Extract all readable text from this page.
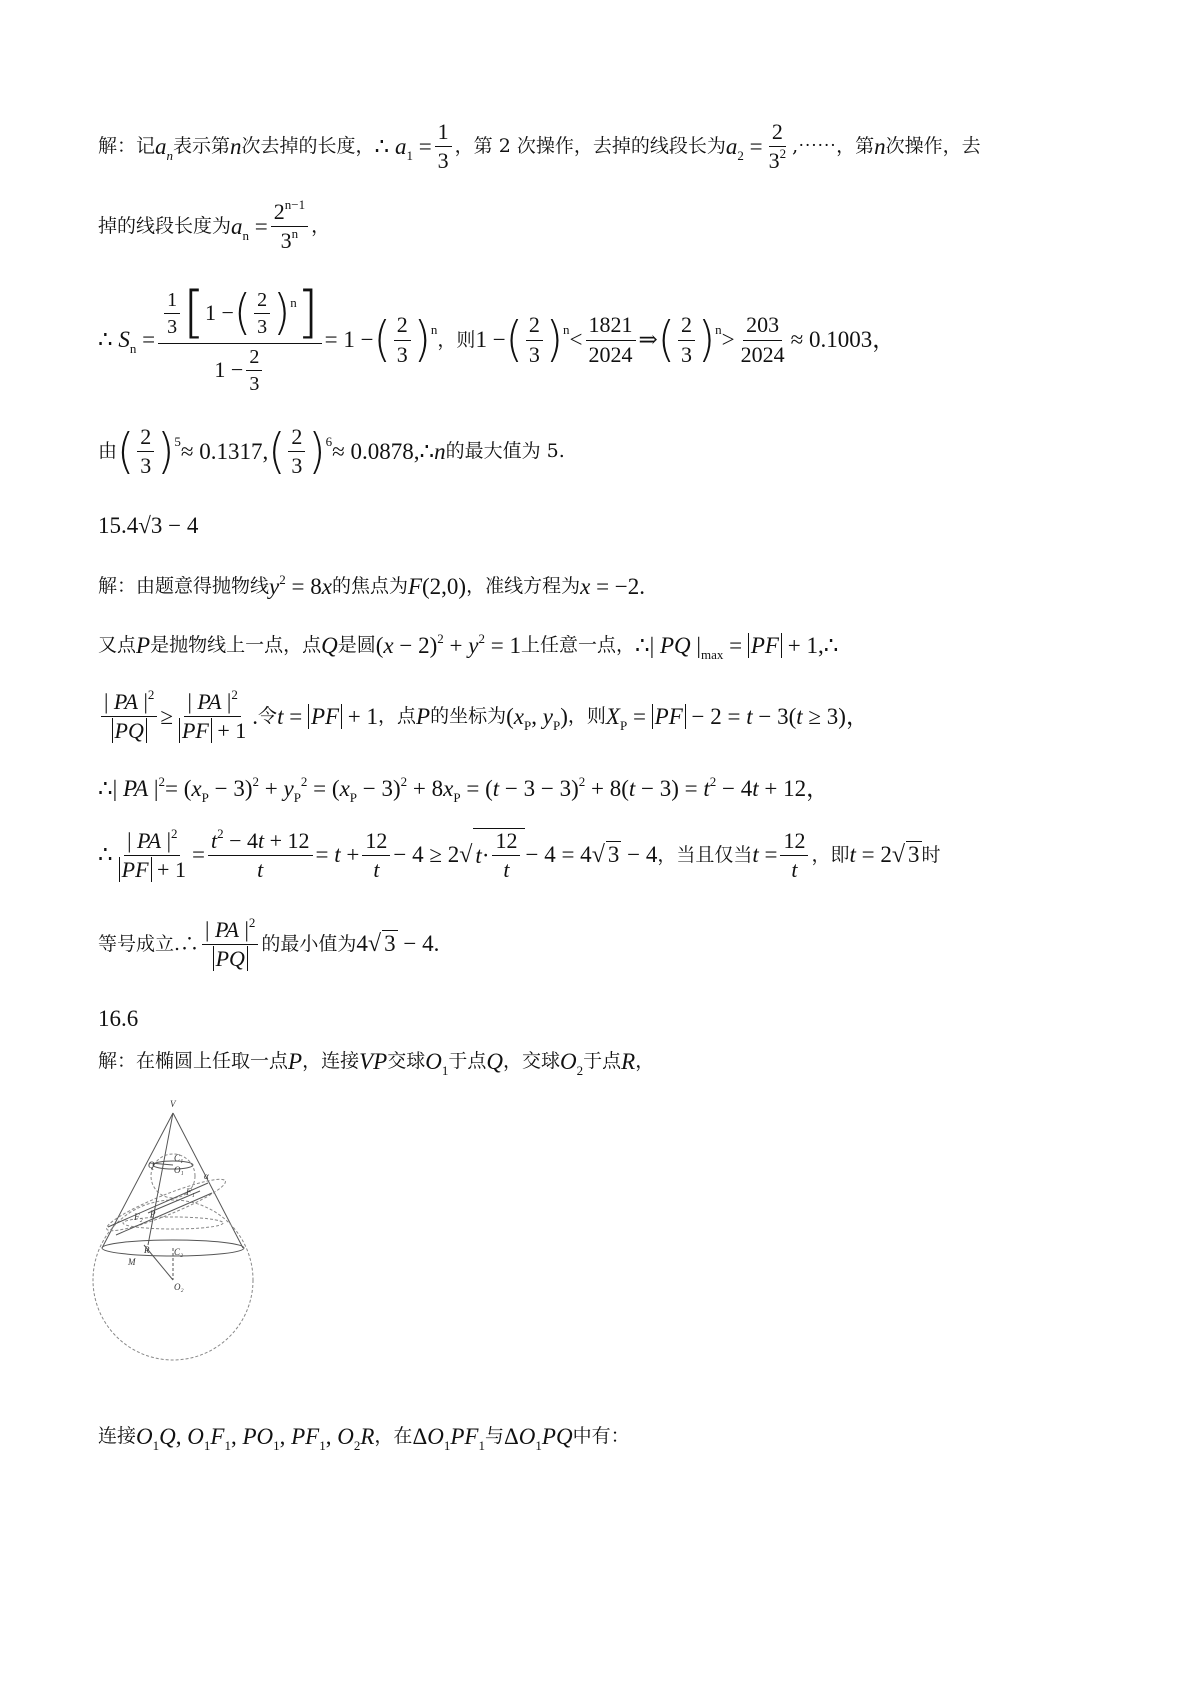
解：记 $a_n$ 表示第 n 次去掉的长度， ∴ $a_1 = \frac{1}{3}$ ，第 2 次操作，去掉的线段长为 $a_2 = \frac{2}{3^2}$ ,⋯⋯，第 n 次操作，去
掉的线段长度为 $a_n = \frac{2^{n-1}}{3^n}$ ，
∴ $S_n = \frac{\frac{1}{3} [ 1 - ( \frac{2}{3} ) n ]}{1 - \frac{2}{3}} = 1$ − ( $\frac{2}{3}$ ) n ， 则 1 − ( $\frac{2}{3}$ ) $n < \frac{1821}{2024}$ ⇒ ( $\frac{2}{3}$ ) $n > \frac{203}{2024} \approx 0.1003$，
由 ( $\frac{2}{3}$ ) 5 ≈ 0.1317, ( $\frac{2}{3}$ ) 6 ≈ 0.0878,∴ n 的最大值为 5.
15. 4√3 − 4
解：由题意得抛物线 $y^2 = 8x$ 的焦点为 F(2,0) ，准线方程为 x = −2.
又点 P 是抛物线上一点，点 Q 是圆 $(x - 2)^2 + y^2 = 1$ 上任意一点， ∴| PQ $|_{max}$ = PF + 1,∴
$\frac{| PA |^2}{PQ} \ge \frac{| PA |^2}{PF + 1}$ . 令 t = PF + 1 ，点 P 的坐标为 ($x_P$, $y_P$) ，则 $X_P$ = PF − 2 = t − 3(t ≥ 3)，
∴| PA $|^2= (x_P - 3)^2 + y_P^2 = (x_P - 3)^2 + 8x_P = (t - 3 - 3)^2 + 8(t - 3) = t^2 - 4t + 12$，
∴ $\frac{| PA |^2}{PF + 1} = \frac{t^2 - 4t + 12}{t} = t + \frac{12}{t} - 4 \ge 2√$ $t \cdot \frac{12}{t} - 4 = 4√$ 3 − 4 ，当且仅当 $t = \frac{12}{t}$ ，即 t = 2√ 3 时
等号成立.∴ $\frac{| PA |^2}{PQ}$ 的最小值为 4√ 3 − 4.
16.6
解：在椭圆上任取一点 P ，连接 VP 交球 $O_1$ 于点 Q ，交球 $O_2$ 于点 R ，
V
Q
C₁
O₁
α
F₁
F₂ P
R	C₂
M
O₂
连接 $O_1Q$, $O_1F_1$, $PO_1$, $PF_1$, $O_2R$ ，在 $\Delta O_1PF_1$ 与 $\Delta O_1PQ$ 中有：
